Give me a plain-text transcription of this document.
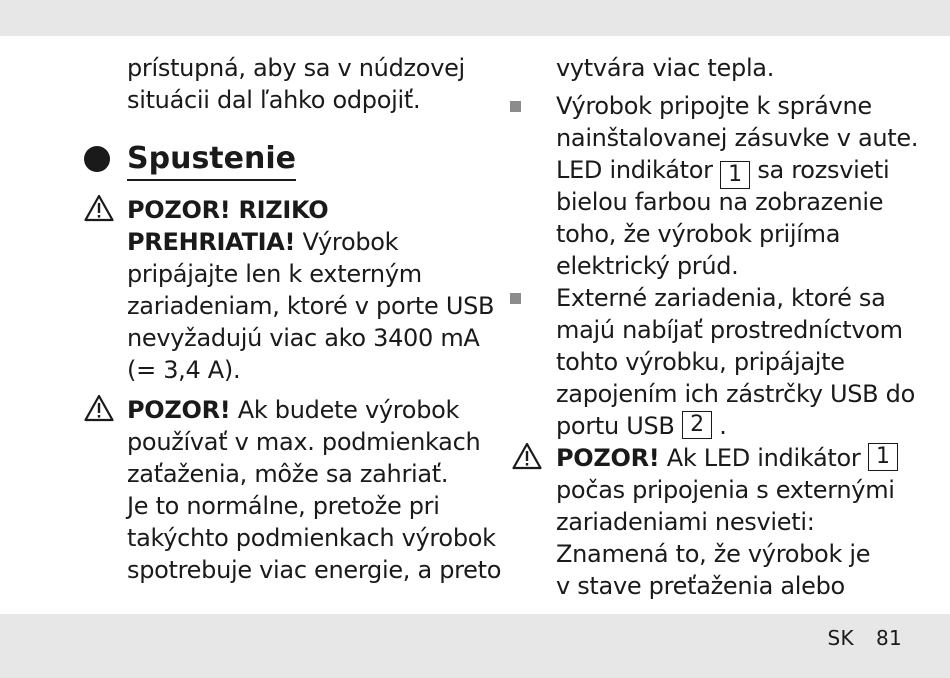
SK 81
prístupná, aby sa v núdzovej
situácii dal ľahko odpojiť.
Spustenie
POZOR! RIZIKO
PREHRIATIA! Výrobok
pripájajte len k externým
zariadeniam, ktoré v porte USB
nevyžadujú viac ako 3400 mA
(= 3,4 A).
POZOR! Ak budete výrobok
používať v max. podmienkach
zaťaženia, môže sa zahriať.
Je to normálne, pretože pri
takýchto podmienkach výrobok
spotrebuje viac energie, a preto
vytvára viac tepla.
Výrobok pripojte k správne
nainštalovanej zásuvke v aute.
LED indikátor 1 sa rozsvieti
bielou farbou na zobrazenie
toho, že výrobok prijíma
elektrický prúd.
Externé zariadenia, ktoré sa
majú nabíjať prostredníctvom
tohto výrobku, pripájajte
zapojením ich zástrčky USB do
portu USB 2 .
POZOR! Ak LED indikátor 1
počas pripojenia s externými
zariadeniami nesvieti:
Znamená to, že výrobok je
v stave preťaženia alebo
